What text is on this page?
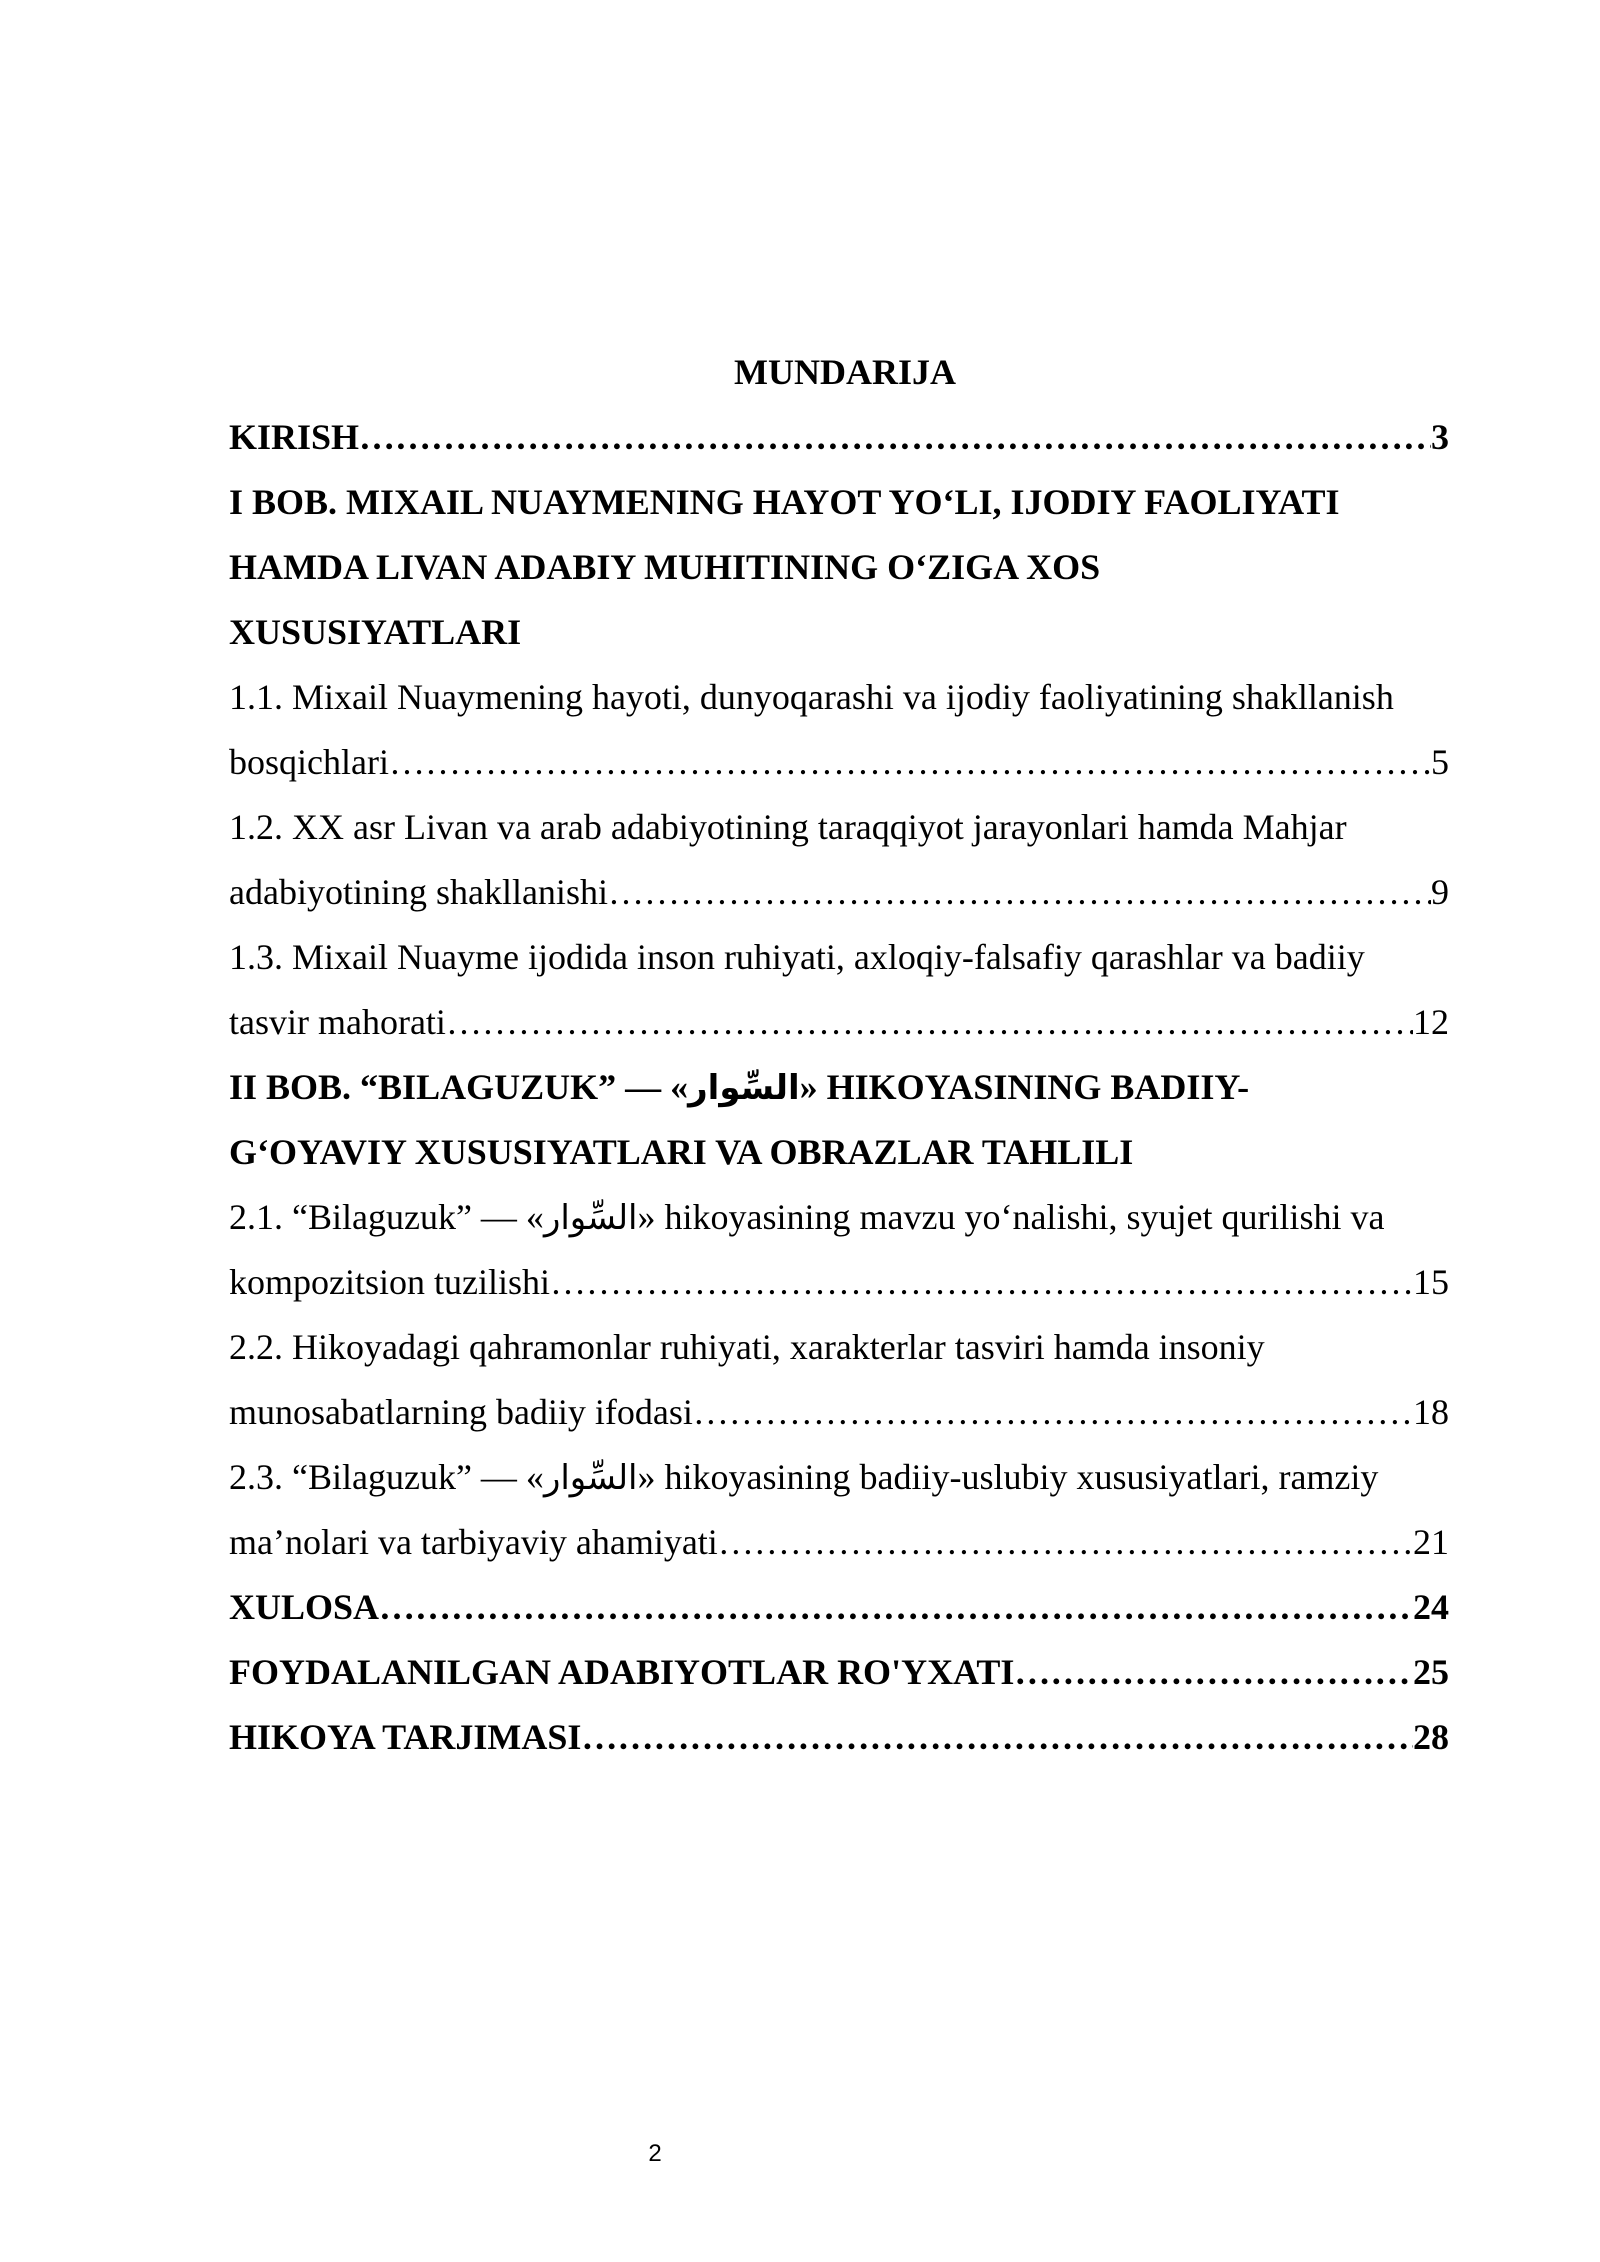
MUNDARIJA
KIRISH ……………………………………………………………………………………………………………………………………………………………………………………	3
I BOB. MIXAIL NUAYMENING HAYOT YO‘LI, IJODIY FAOLIYATI
HAMDA LIVAN ADABIY MUHITINING O‘ZIGA XOS
XUSUSIYATLARI
1.1. Mixail Nuaymening hayoti, dunyoqarashi va ijodiy faoliyatining shakllanish
bosqichlari ……………………………………………………………………………………………………………………………………………………………………………………	5
1.2. XX asr Livan va arab adabiyotining taraqqiyot jarayonlari hamda Mahjar
adabiyotining shakllanishi ……………………………………………………………………………………………………………………………………………………………………………………	9
1.3. Mixail Nuayme ijodida inson ruhiyati, axloqiy-falsafiy qarashlar va badiiy
tasvir mahorati ……………………………………………………………………………………………………………………………………………………………………………………	12
II BOB. “BILAGUZUK” — «السِّوار» HIKOYASINING BADIIY-
G‘OYAVIY XUSUSIYATLARI VA OBRAZLAR TAHLILI
2.1. “Bilaguzuk” — «السِّوار» hikoyasining mavzu yo‘nalishi, syujet qurilishi va
kompozitsion tuzilishi ……………………………………………………………………………………………………………………………………………………………………………………	15
2.2. Hikoyadagi qahramonlar ruhiyati, xarakterlar tasviri hamda insoniy
munosabatlarning badiiy ifodasi ……………………………………………………………………………………………………………………………………………………………………………………	18
2.3. “Bilaguzuk” — «السِّوار» hikoyasining badiiy-uslubiy xususiyatlari, ramziy
ma’nolari va tarbiyaviy ahamiyati ……………………………………………………………………………………………………………………………………………………………………………………	21
XULOSA ……………………………………………………………………………………………………………………………………………………………………………………	24
FOYDALANILGAN ADABIYOTLAR RO'YXATI ……………………………………………………………………………………………………………………………………………………………………………………	25
HIKOYA TARJIMASI ……………………………………………………………………………………………………………………………………………………………………………………	28
2
